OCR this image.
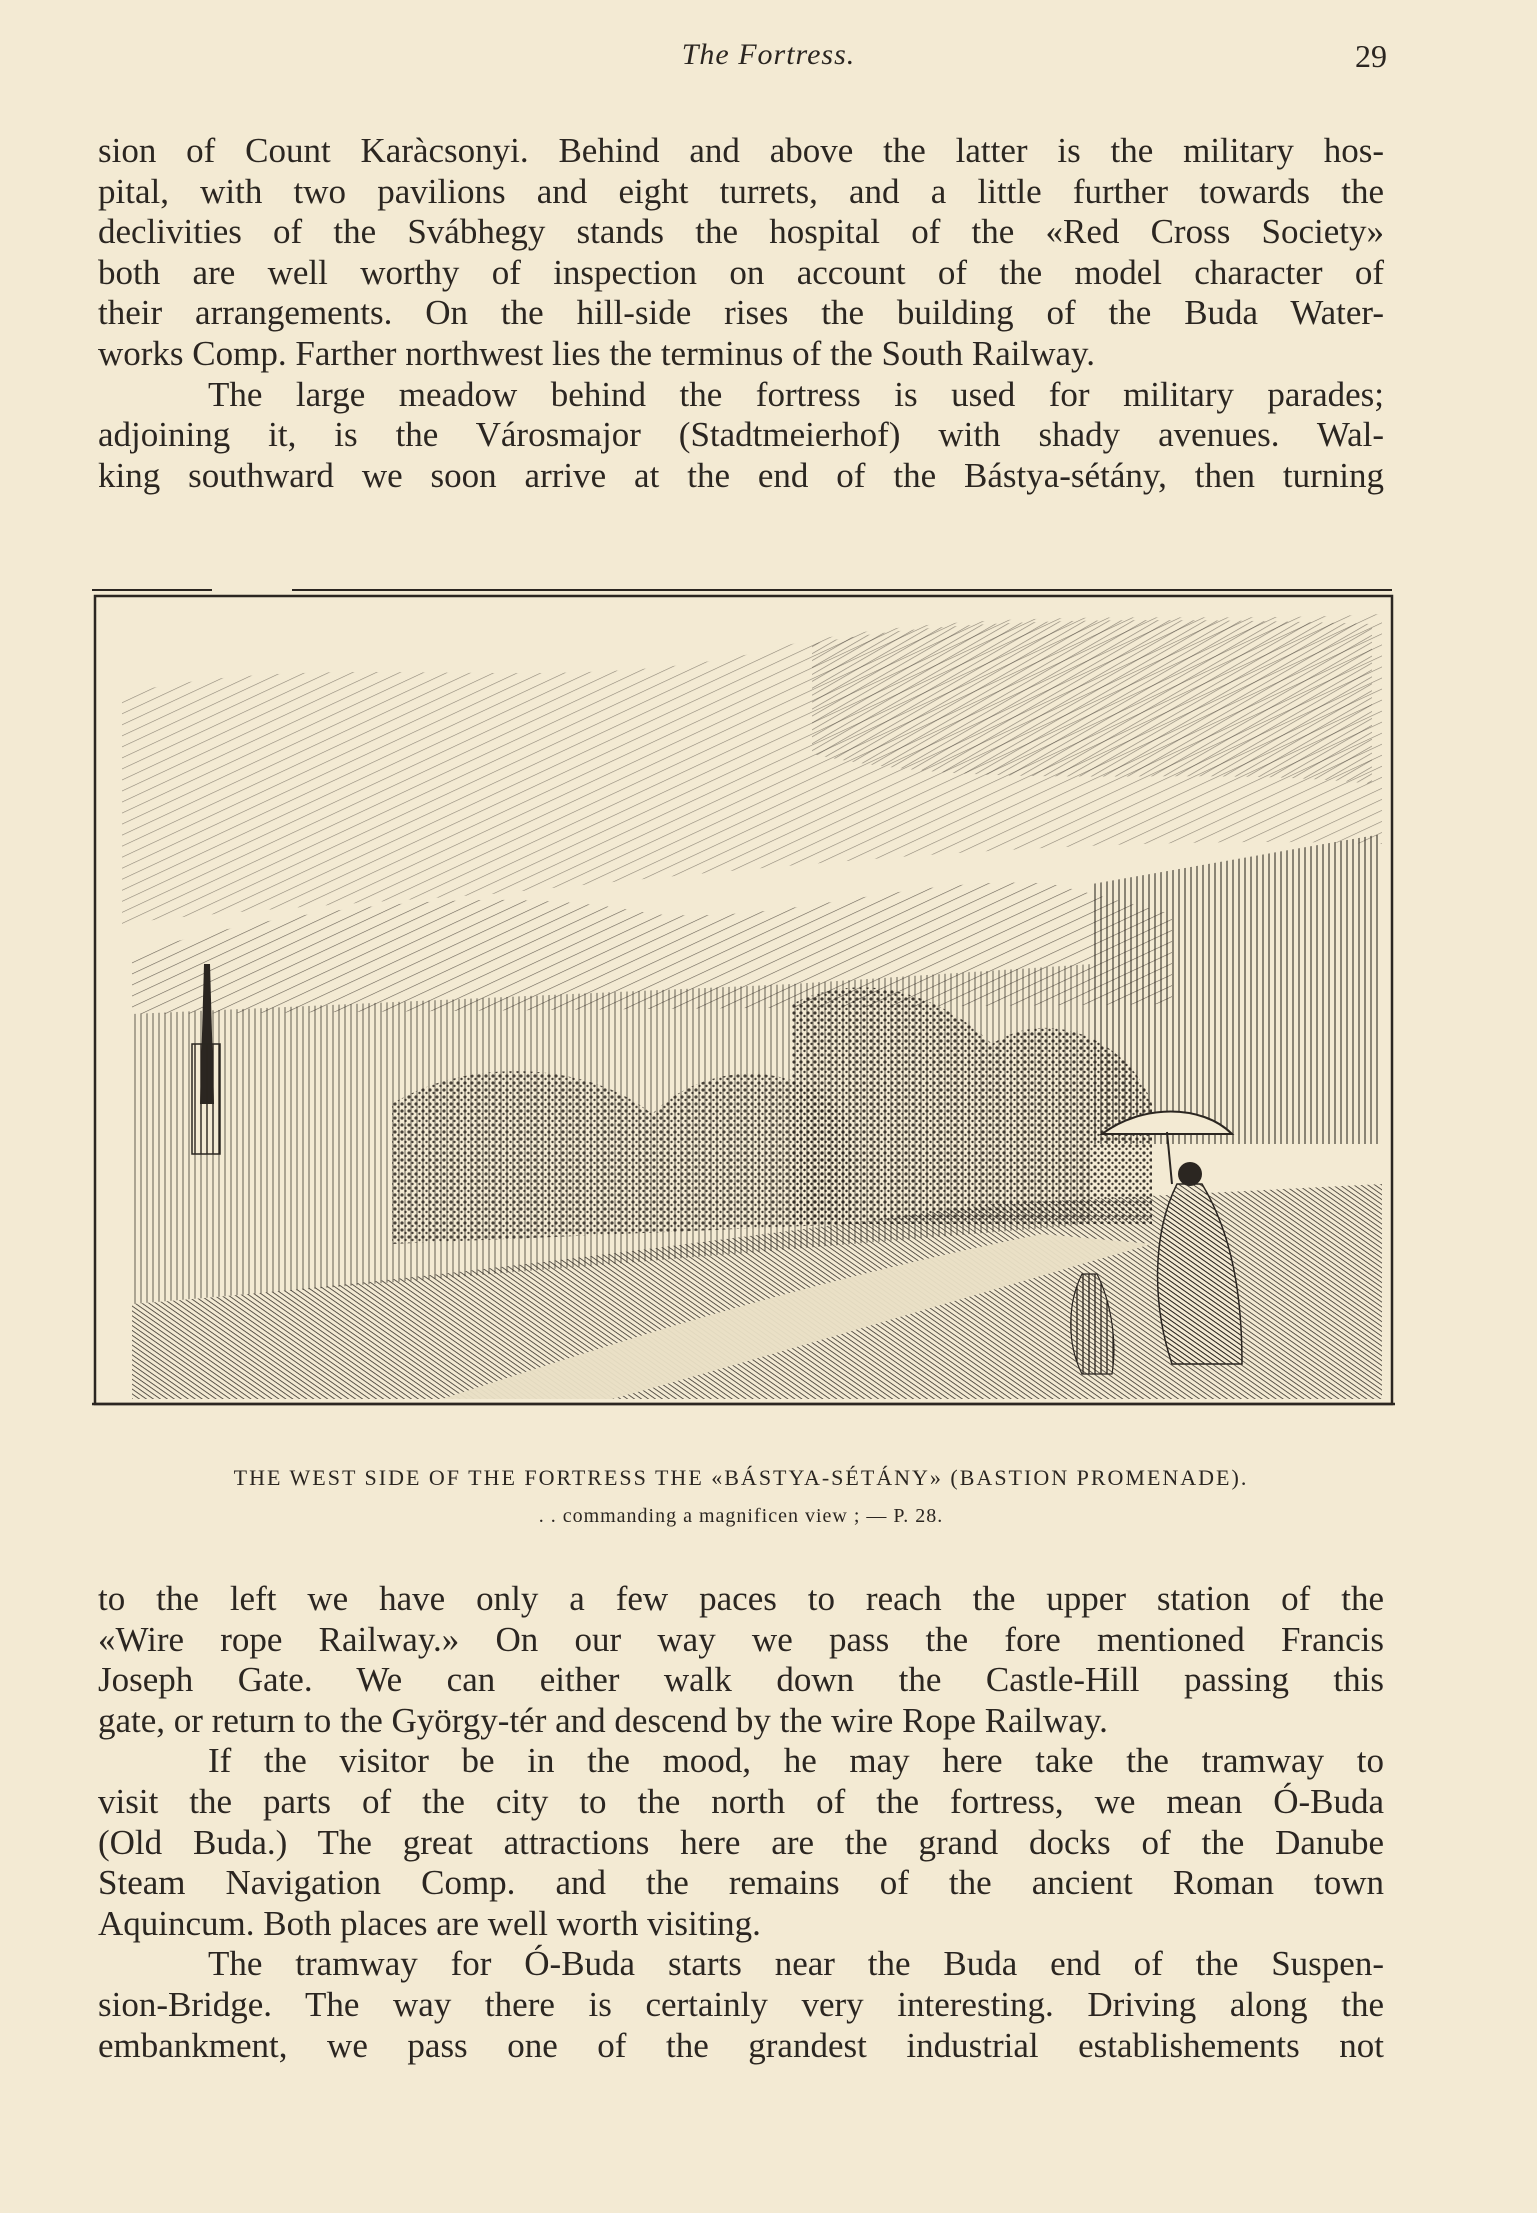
The Fortress.	29
sion of Count Karàcsonyi. Behind and above the latter is the military hos-
pital, with two pavilions and eight turrets, and a little further towards the
declivities of the Svábhegy stands the hospital of the «Red Cross Society»
both are well worthy of inspection on account of the model character of
their arrangements. On the hill-side rises the building of the Buda Water-
works Comp. Farther northwest lies the terminus of the South Railway.
The large meadow behind the fortress is used for military parades;
adjoining it, is the Városmajor (Stadtmeierhof) with shady avenues. Wal-
king southward we soon arrive at the end of the Bástya-sétány, then turning
THE WEST SIDE OF THE FORTRESS THE «BÁSTYA-SÉTÁNY» (BASTION PROMENADE).
. . commanding a magnificen view ; — P. 28.
to the left we have only a few paces to reach the upper station of the
«Wire rope Railway.» On our way we pass the fore mentioned Francis
Joseph Gate. We can either walk down the Castle-Hill passing this
gate, or return to the György-tér and descend by the wire Rope Railway.
If the visitor be in the mood, he may here take the tramway to
visit the parts of the city to the north of the fortress, we mean Ó-Buda
(Old Buda.) The great attractions here are the grand docks of the Danube
Steam Navigation Comp. and the remains of the ancient Roman town
Aquincum. Both places are well worth visiting.
The tramway for Ó-Buda starts near the Buda end of the Suspen-
sion-Bridge. The way there is certainly very interesting. Driving along the
embankment, we pass one of the grandest industrial establishements not
